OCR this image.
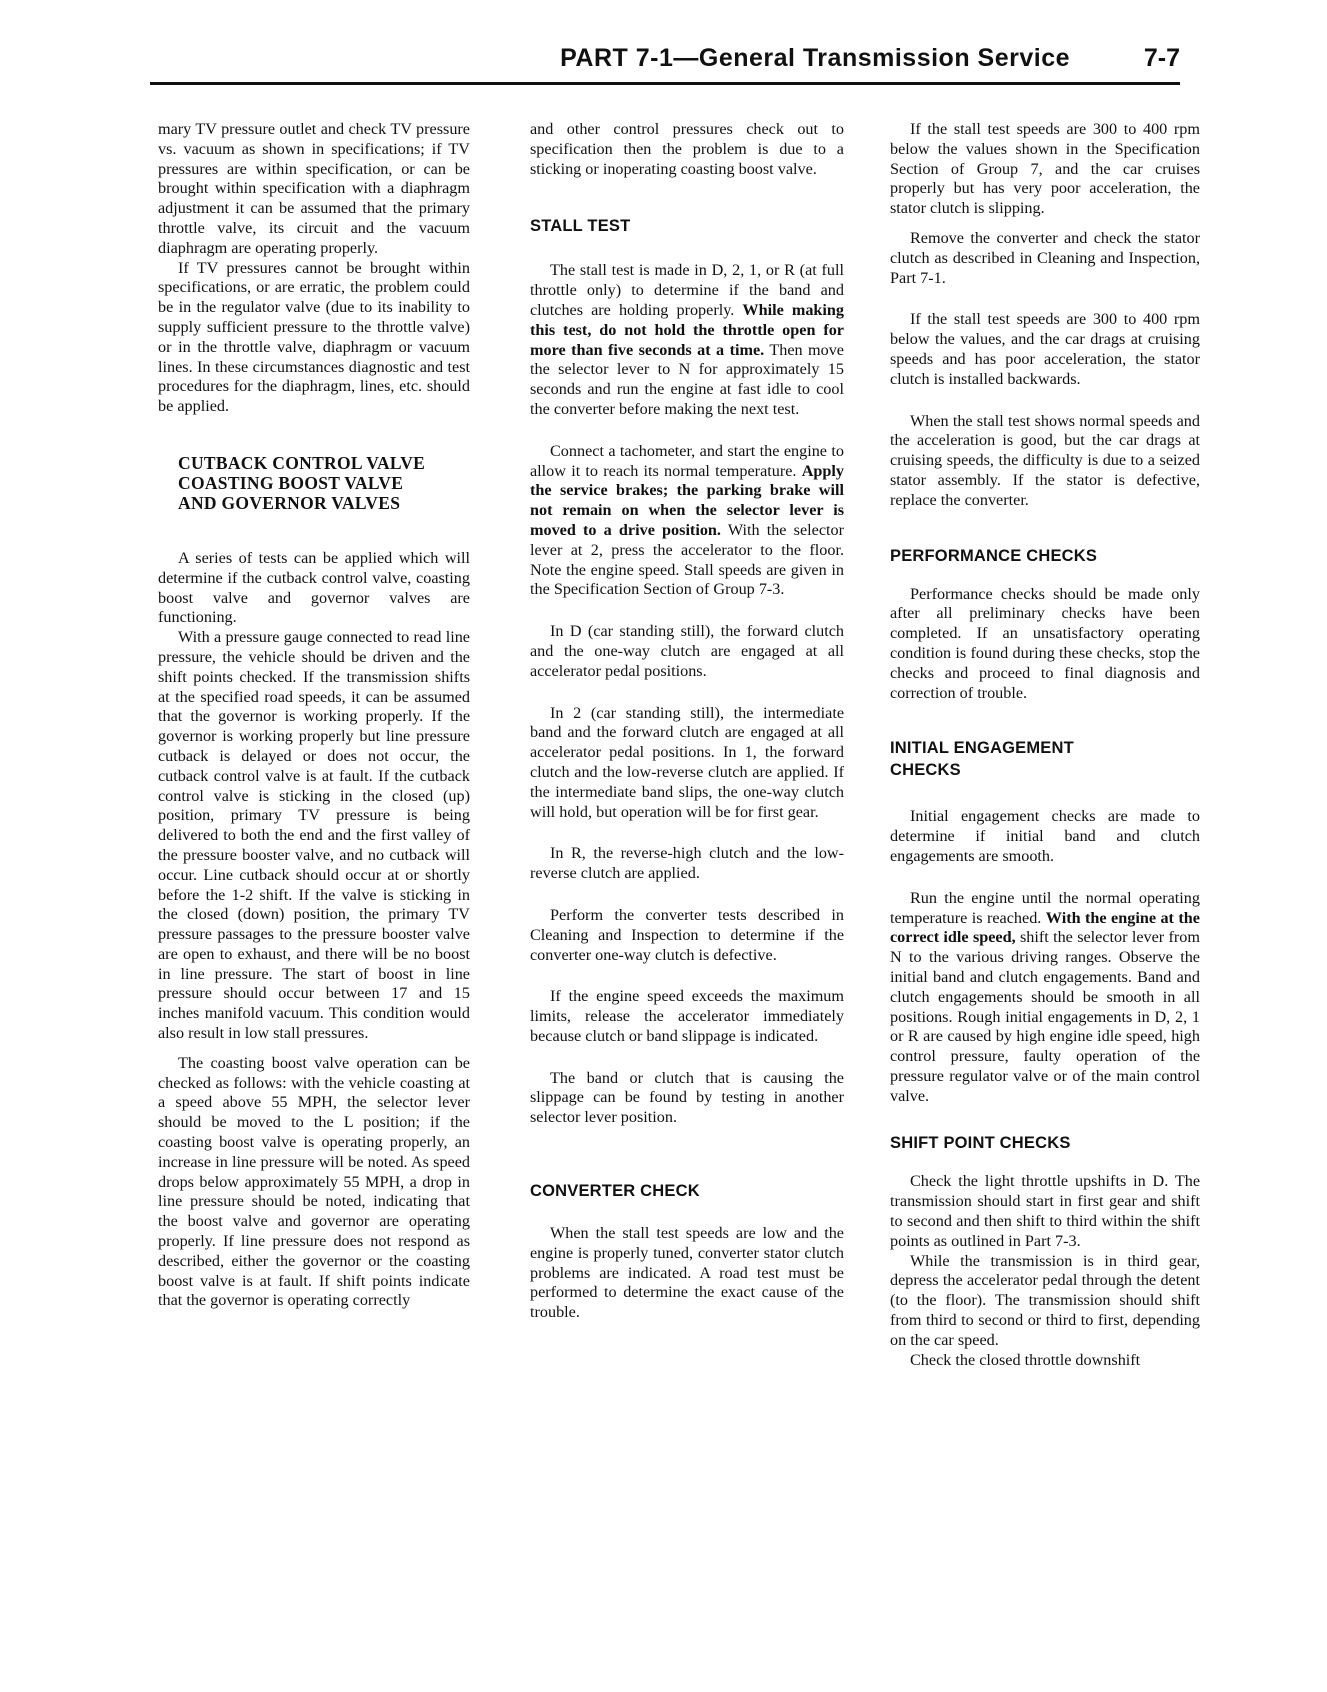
PART 7-1—General Transmission Service	7-7

mary TV pressure outlet and check TV pressure vs. vacuum as shown in specifications; if TV pressures are within specification, or can be brought within specification with a diaphragm adjustment it can be assumed that the primary throttle valve, its circuit and the vacuum diaphragm are operating properly.

If TV pressures cannot be brought within specifications, or are erratic, the problem could be in the regulator valve (due to its inability to supply sufficient pressure to the throttle valve) or in the throttle valve, diaphragm or vacuum lines. In these circumstances diagnostic and test procedures for the diaphragm, lines, etc. should be applied.

CUTBACK CONTROL VALVE
COASTING BOOST VALVE
AND GOVERNOR VALVES

A series of tests can be applied which will determine if the cutback control valve, coasting boost valve and governor valves are functioning.

With a pressure gauge connected to read line pressure, the vehicle should be driven and the shift points checked. If the transmission shifts at the specified road speeds, it can be assumed that the governor is working properly. If the governor is working properly but line pressure cutback is delayed or does not occur, the cutback control valve is at fault. If the cutback control valve is sticking in the closed (up) position, primary TV pressure is being delivered to both the end and the first valley of the pressure booster valve, and no cutback will occur. Line cutback should occur at or shortly before the 1-2 shift. If the valve is sticking in the closed (down) position, the primary TV pressure passages to the pressure booster valve are open to exhaust, and there will be no boost in line pressure. The start of boost in line pressure should occur between 17 and 15 inches manifold vacuum. This condition would also result in low stall pressures.

The coasting boost valve operation can be checked as follows: with the vehicle coasting at a speed above 55 MPH, the selector lever should be moved to the L position; if the coasting boost valve is operating properly, an increase in line pressure will be noted. As speed drops below approximately 55 MPH, a drop in line pressure should be noted, indicating that the boost valve and governor are operating properly. If line pressure does not respond as described, either the governor or the coasting boost valve is at fault. If shift points indicate that the governor is operating correctly

and other control pressures check out to specification then the problem is due to a sticking or inoperating coasting boost valve.

STALL TEST

The stall test is made in D, 2, 1, or R (at full throttle only) to determine if the band and clutches are holding properly. While making this test, do not hold the throttle open for more than five seconds at a time. Then move the selector lever to N for approximately 15 seconds and run the engine at fast idle to cool the converter before making the next test.

Connect a tachometer, and start the engine to allow it to reach its normal temperature. Apply the service brakes; the parking brake will not remain on when the selector lever is moved to a drive position. With the selector lever at 2, press the accelerator to the floor. Note the engine speed. Stall speeds are given in the Specification Section of Group 7-3.

In D (car standing still), the forward clutch and the one-way clutch are engaged at all accelerator pedal positions.

In 2 (car standing still), the intermediate band and the forward clutch are engaged at all accelerator pedal positions. In 1, the forward clutch and the low-reverse clutch are applied. If the intermediate band slips, the one-way clutch will hold, but operation will be for first gear.

In R, the reverse-high clutch and the low-reverse clutch are applied.

Perform the converter tests described in Cleaning and Inspection to determine if the converter one-way clutch is defective.

If the engine speed exceeds the maximum limits, release the accelerator immediately because clutch or band slippage is indicated.

The band or clutch that is causing the slippage can be found by testing in another selector lever position.

CONVERTER CHECK

When the stall test speeds are low and the engine is properly tuned, converter stator clutch problems are indicated. A road test must be performed to determine the exact cause of the trouble.

If the stall test speeds are 300 to 400 rpm below the values shown in the Specification Section of Group 7, and the car cruises properly but has very poor acceleration, the stator clutch is slipping.

Remove the converter and check the stator clutch as described in Cleaning and Inspection, Part 7-1.

If the stall test speeds are 300 to 400 rpm below the values, and the car drags at cruising speeds and has poor acceleration, the stator clutch is installed backwards.

When the stall test shows normal speeds and the acceleration is good, but the car drags at cruising speeds, the difficulty is due to a seized stator assembly. If the stator is defective, replace the converter.

PERFORMANCE CHECKS

Performance checks should be made only after all preliminary checks have been completed. If an unsatisfactory operating condition is found during these checks, stop the checks and proceed to final diagnosis and correction of trouble.

INITIAL ENGAGEMENT
CHECKS

Initial engagement checks are made to determine if initial band and clutch engagements are smooth.

Run the engine until the normal operating temperature is reached. With the engine at the correct idle speed, shift the selector lever from N to the various driving ranges. Observe the initial band and clutch engagements. Band and clutch engagements should be smooth in all positions. Rough initial engagements in D, 2, 1 or R are caused by high engine idle speed, high control pressure, faulty operation of the pressure regulator valve or of the main control valve.

SHIFT POINT CHECKS

Check the light throttle upshifts in D. The transmission should start in first gear and shift to second and then shift to third within the shift points as outlined in Part 7-3.

While the transmission is in third gear, depress the accelerator pedal through the detent (to the floor). The transmission should shift from third to second or third to first, depending on the car speed.

Check the closed throttle downshift
